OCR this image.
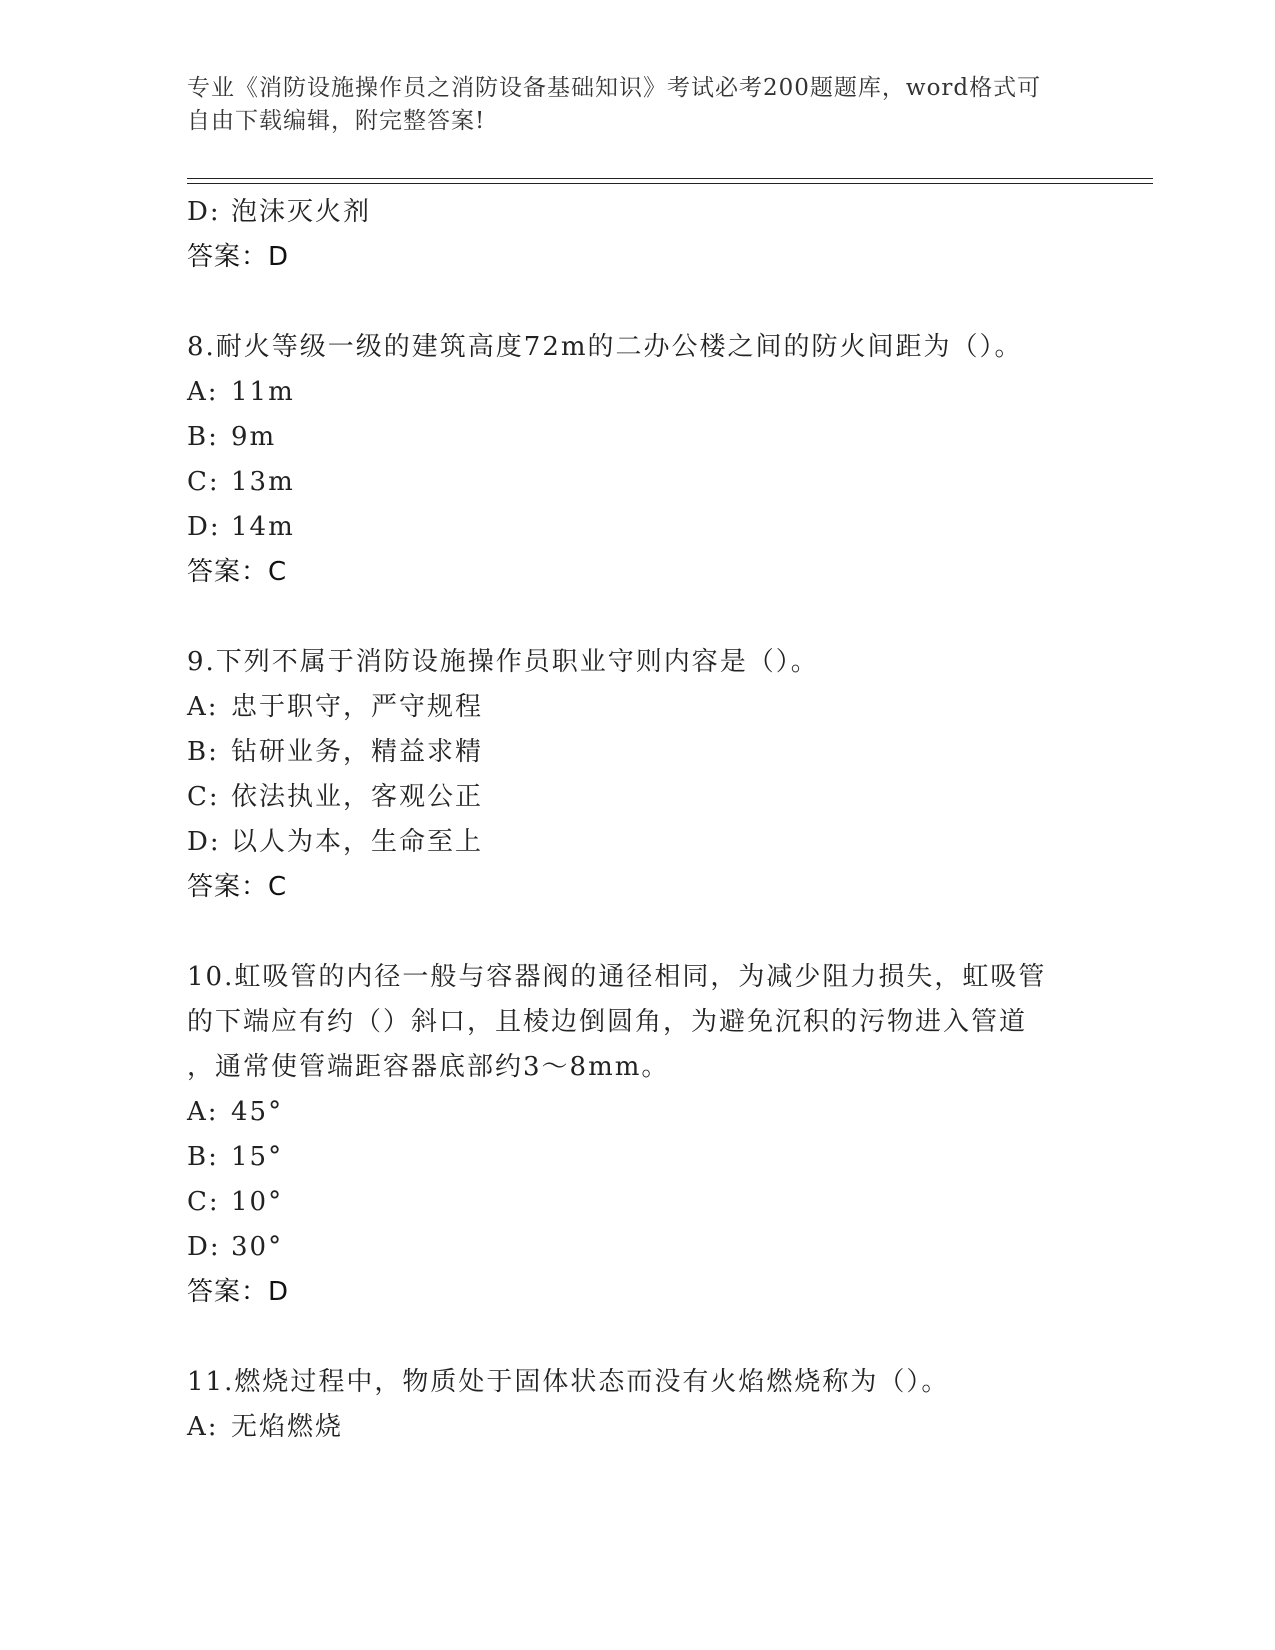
专业《消防设施操作员之消防设备基础知识》考试必考200题题库，word格式可
自由下载编辑，附完整答案!
D: 泡沫灭火剂
答案：D
8.耐火等级一级的建筑高度72m的二办公楼之间的防火间距为（）。
A: 11m
B: 9m
C: 13m
D: 14m
答案：C
9.下列不属于消防设施操作员职业守则内容是（）。
A: 忠于职守，严守规程
B: 钻研业务，精益求精
C: 依法执业，客观公正
D: 以人为本，生命至上
答案：C
10.虹吸管的内径一般与容器阀的通径相同，为减少阻力损失，虹吸管
的下端应有约（）斜口，且棱边倒圆角，为避免沉积的污物进入管道
，通常使管端距容器底部约3～8mm。
A: 45°
B: 15°
C: 10°
D: 30°
答案：D
11.燃烧过程中，物质处于固体状态而没有火焰燃烧称为（）。
A: 无焰燃烧
